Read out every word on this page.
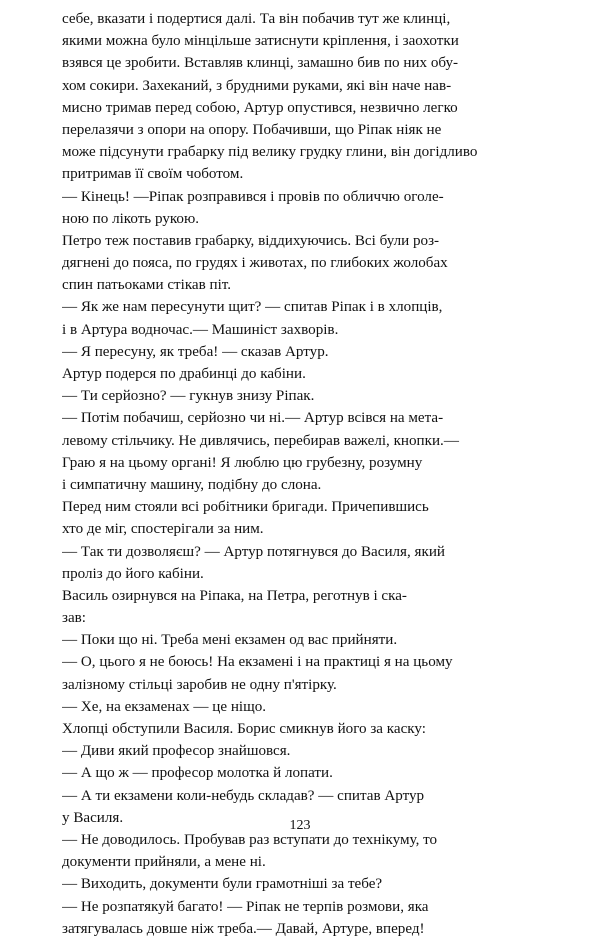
себе, вказати і подертися далі. Та він побачив тут же клинці,
якими можна було мінцільше затиснути кріплення, і заохотки
взявся це зробити. Вставляв клинці, замашно бив по них обу-
хом сокири. Захеканий, з брудними руками, які він наче нав-
мисно тримав перед собою, Артур опустився, незвично легко
перелазячи з опори на опору. Побачивши, що Ріпак ніяк не
може підсунути грабарку під велику грудку глини, він догідливо
притримав її своїм чоботом.
— Кінець! —Ріпак розправився і провів по обличчю оголе-
ною по лікоть рукою.
Петро теж поставив грабарку, віддихуючись. Всі були роз-
дягнені до пояса, по грудях і животах, по глибоких жолобах
спин патьоками стікав піт.
— Як же нам пересунути щит? — спитав Ріпак і в хлопців,
і в Артура водночас.— Машиніст захворів.
— Я пересуну, як треба! — сказав Артур.
Артур подерся по драбинці до кабіни.
— Ти серйозно? — гукнув знизу Ріпак.
— Потім побачиш, серйозно чи ні.— Артур всівся на мета-
левому стільчику. Не дивлячись, перебирав важелі, кнопки.—
Граю я на цьому органі! Я люблю цю грубезну, розумну
і симпатичну машину, подібну до слона.
Перед ним стояли всі робітники бригади. Причепившись
хто де міг, спостерігали за ним.
— Так ти дозволяєш? — Артур потягнувся до Василя, який
проліз до його кабіни.
Василь озирнувся на Ріпака, на Петра, реготнув і ска-
зав:
— Поки що ні. Треба мені екзамен од вас прийняти.
— О, цього я не боюсь! На екзамені і на практиці я на цьому
залізному стільці заробив не одну п'ятірку.
— Хе, на екзаменах — це ніщо.
Хлопці обступили Василя. Борис смикнув його за каску:
— Диви який професор знайшовся.
— А що ж — професор молотка й лопати.
— А ти екзамени коли-небудь складав? — спитав Артур
у Василя.
— Не доводилось. Пробував раз вступати до технікуму, то
документи прийняли, а мене ні.
— Виходить, документи були грамотніші за тебе?
— Не розпатякуй багато! — Ріпак не терпів розмови, яка
затягувалась довше ніж треба.— Давай, Артуре, вперед!
123
